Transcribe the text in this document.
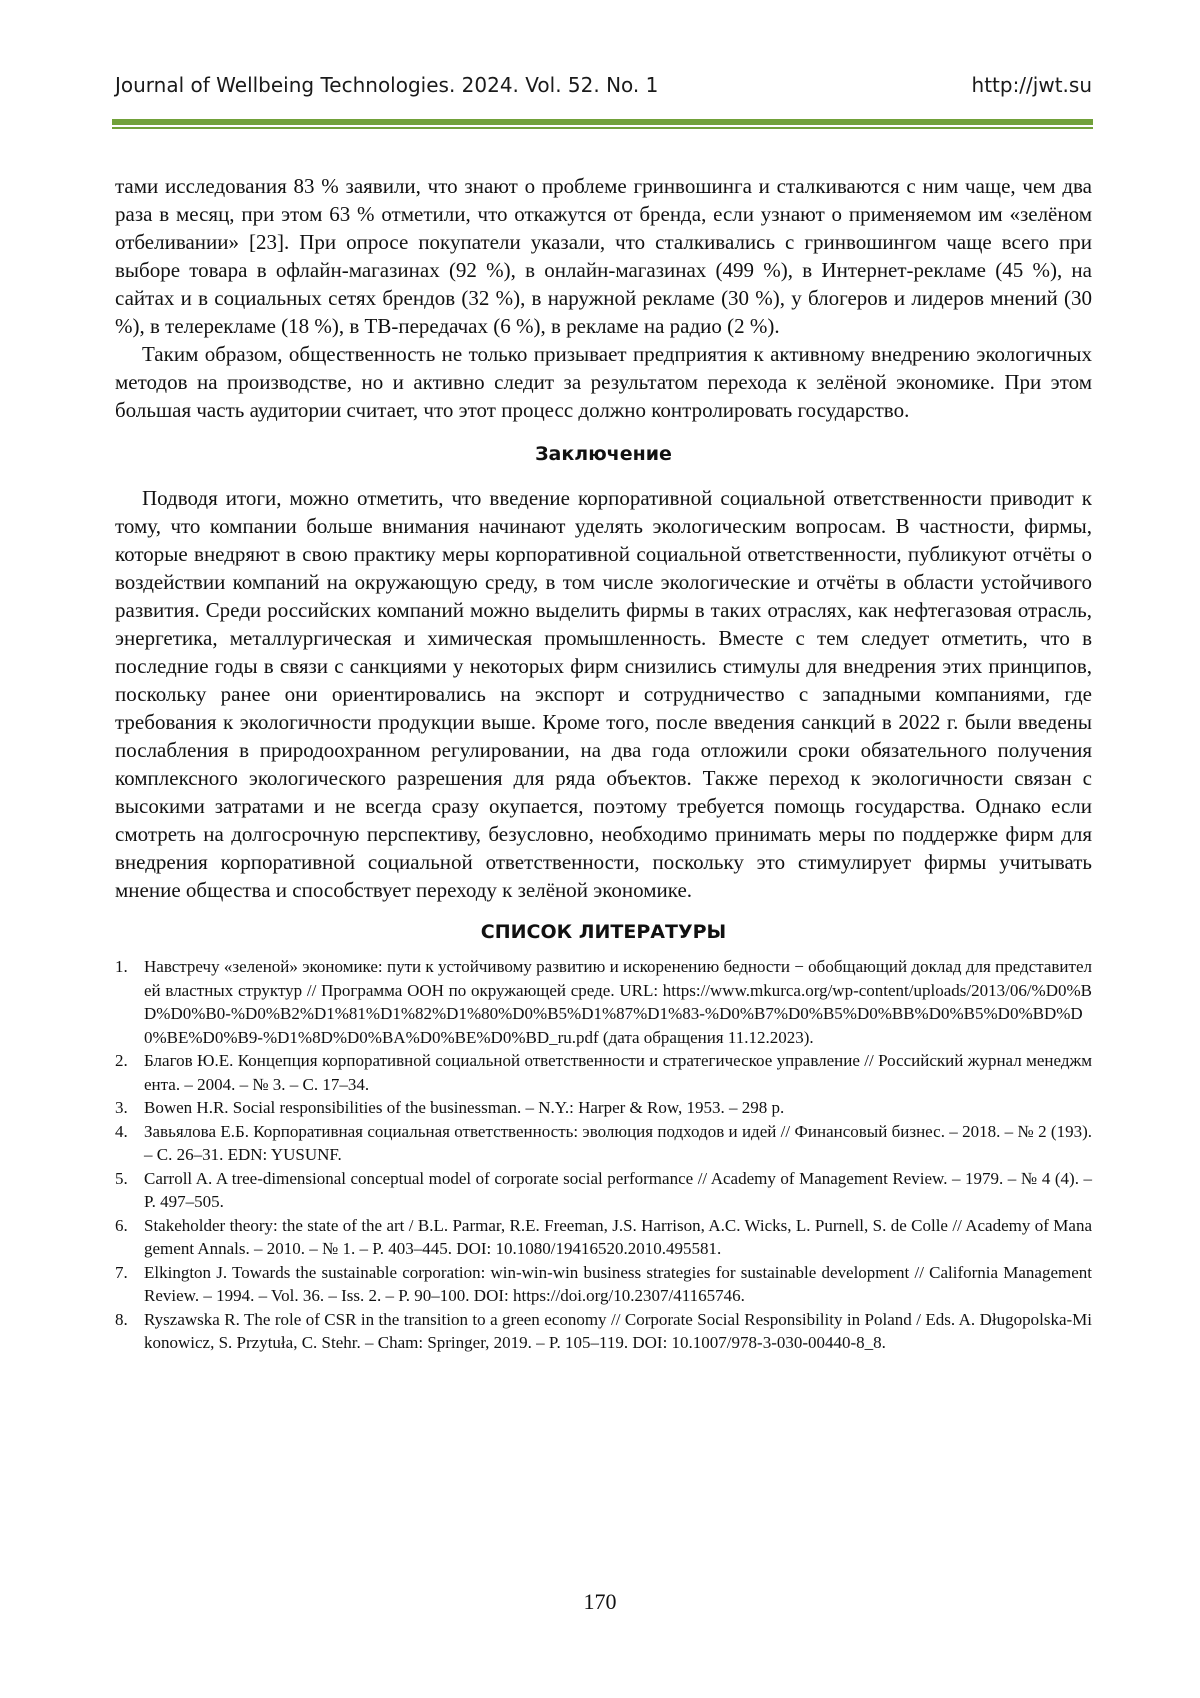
Journal of Wellbeing Technologies. 2024. Vol. 52. No. 1	http://jwt.su

тами исследования 83 % заявили, что знают о проблеме гринвошинга и сталкиваются с ним чаще, чем два раза в месяц, при этом 63 % отметили, что откажутся от бренда, если узнают о применяемом им «зелёном отбеливании» [23]. При опросе покупатели указали, что сталкивались с гринвошингом чаще всего при выборе товара в офлайн-магазинах (92 %), в онлайн-магазинах (499 %), в Интернет-рекламе (45 %), на сайтах и в социальных сетях брендов (32 %), в наружной рекламе (30 %), у блогеров и лидеров мнений (30 %), в телерекламе (18 %), в ТВ-передачах (6 %), в рекламе на радио (2 %).

Таким образом, общественность не только призывает предприятия к активному внедрению экологичных методов на производстве, но и активно следит за результатом перехода к зелёной экономике. При этом большая часть аудитории считает, что этот процесс должно контролировать государство.

Заключение

Подводя итоги, можно отметить, что введение корпоративной социальной ответственности приводит к тому, что компании больше внимания начинают уделять экологическим вопросам. В частности, фирмы, которые внедряют в свою практику меры корпоративной социальной ответственности, публикуют отчёты о воздействии компаний на окружающую среду, в том числе экологические и отчёты в области устойчивого развития. Среди российских компаний можно выделить фирмы в таких отраслях, как нефтегазовая отрасль, энергетика, металлургическая и химическая промышленность. Вместе с тем следует отметить, что в последние годы в связи с санкциями у некоторых фирм снизились стимулы для внедрения этих принципов, поскольку ранее они ориентировались на экспорт и сотрудничество с западными компаниями, где требования к экологичности продукции выше. Кроме того, после введения санкций в 2022 г. были введены послабления в природоохранном регулировании, на два года отложили сроки обязательного получения комплексного экологического разрешения для ряда объектов. Также переход к экологичности связан с высокими затратами и не всегда сразу окупается, поэтому требуется помощь государства. Однако если смотреть на долгосрочную перспективу, безусловно, необходимо принимать меры по поддержке фирм для внедрения корпоративной социальной ответственности, поскольку это стимулирует фирмы учитывать мнение общества и способствует переходу к зелёной экономике.

СПИСОК ЛИТЕРАТУРЫ
1. Навстречу «зеленой» экономике: пути к устойчивому развитию и искоренению бедности − обобщающий доклад для представителей властных структур // Программа ООН по окружающей среде. URL: https://www.mkurca.org/wp-content/uploads/2013/06/%D0%BD%D0%B0-%D0%B2%D1%81%D1%82%D1%80%D0%B5%D1%87%D1%83-%D0%B7%D0%B5%D0%BB%D0%B5%D0%BD%D0%BE%D0%B9-%D1%8D%D0%BA%D0%BE%D0%BD_ru.pdf (дата обращения 11.12.2023).
2. Благов Ю.Е. Концепция корпоративной социальной ответственности и стратегическое управление // Российский журнал менеджмента. – 2004. – № 3. – С. 17–34.
3. Bowen H.R. Social responsibilities of the businessman. – N.Y.: Harper & Row, 1953. – 298 p.
4. Завьялова Е.Б. Корпоративная социальная ответственность: эволюция подходов и идей // Финансовый бизнес. – 2018. – № 2 (193). – С. 26–31. EDN: YUSUNF.
5. Carroll A. A tree-dimensional conceptual model of corporate social performance // Academy of Management Review. – 1979. – № 4 (4). – P. 497–505.
6. Stakeholder theory: the state of the art / B.L. Parmar, R.E. Freeman, J.S. Harrison, A.C. Wicks, L. Purnell, S. de Colle // Academy of Management Annals. – 2010. – № 1. – P. 403–445. DOI: 10.1080/19416520.2010.495581.
7. Elkington J. Towards the sustainable corporation: win-win-win business strategies for sustainable development // California Management Review. – 1994. – Vol. 36. – Iss. 2. – P. 90–100. DOI: https://doi.org/10.2307/41165746.
8. Ryszawska R. The role of CSR in the transition to a green economy // Corporate Social Responsibility in Poland / Eds. A. Długopolska-Mikonowicz, S. Przytuła, C. Stehr. – Cham: Springer, 2019. – P. 105–119. DOI: 10.1007/978-3-030-00440-8_8.
170
